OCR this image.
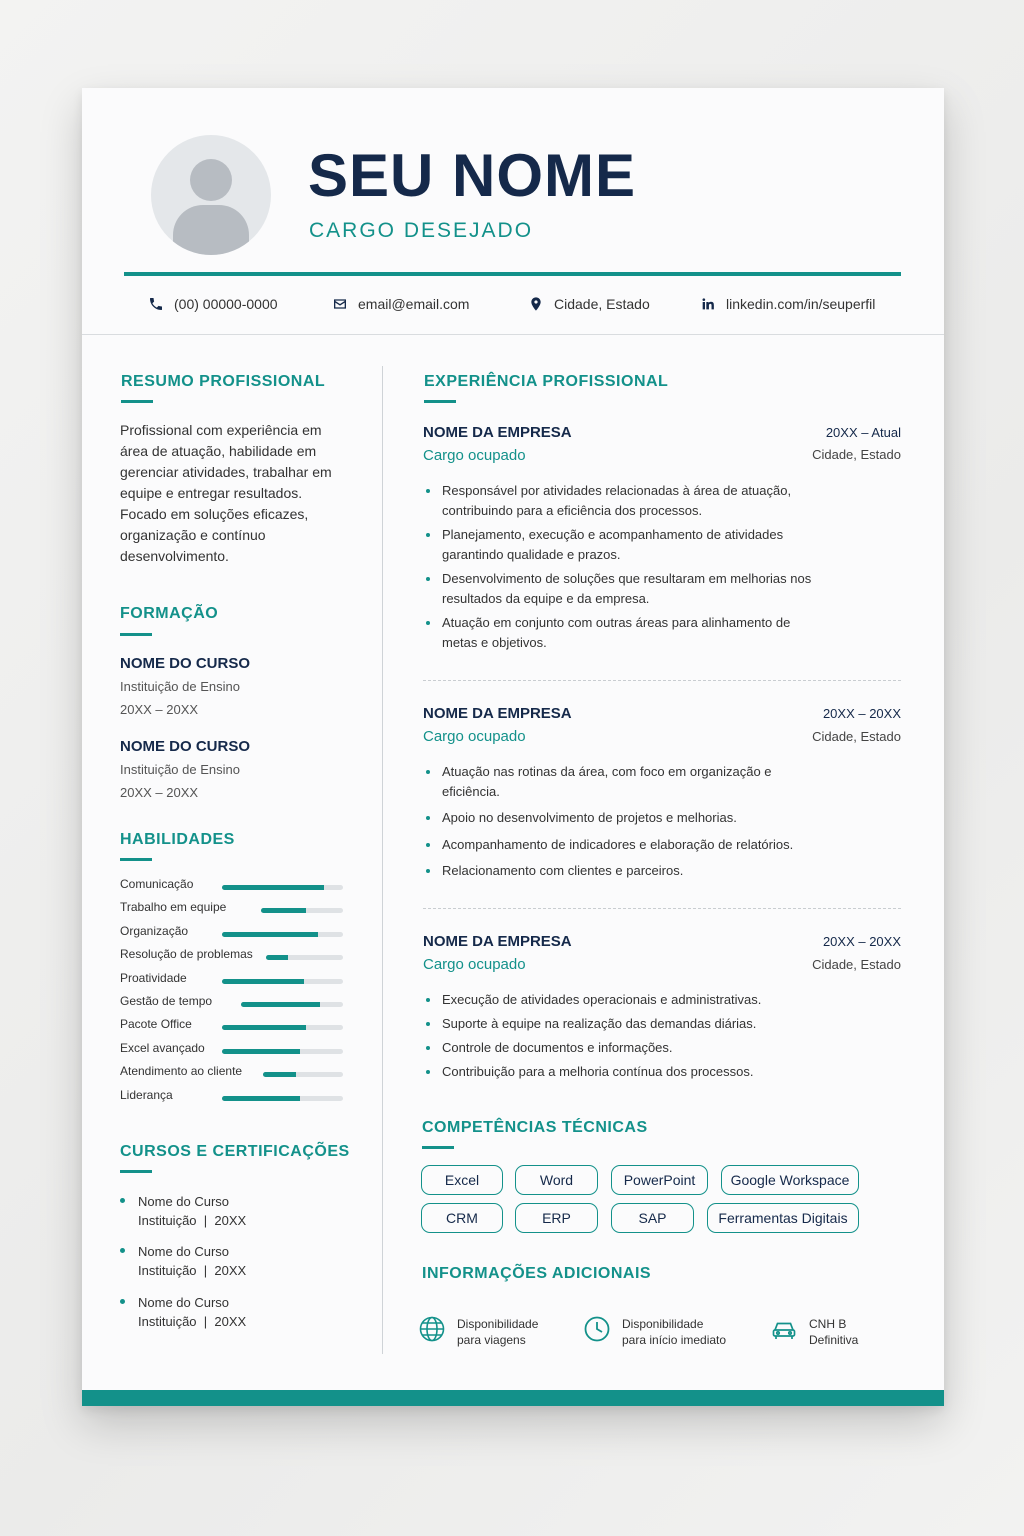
SEU NOME
CARGO DESEJADO
(00) 00000-0000	email@email.com	Cidade, Estado	linkedin.com/in/seuperfil
RESUMO PROFISSIONAL

Profissional com experiência em área de atuação, habilidade em gerenciar atividades, trabalhar em equipe e entregar resultados. Focado em soluções eficazes, organização e contínuo desenvolvimento.

FORMAÇÃO
NOME DO CURSO
Instituição de Ensino
20XX – 20XX
NOME DO CURSO
Instituição de Ensino
20XX – 20XX
HABILIDADES
Comunicação
Trabalho em equipe
Organização
Resolução de problemas
Proatividade
Gestão de tempo
Pacote Office
Excel avançado
Atendimento ao cliente
Liderança
CURSOS E CERTIFICAÇÕES
Nome do Curso
Instituição  |  20XX
Nome do Curso
Instituição  |  20XX
Nome do Curso
Instituição  |  20XX
EXPERIÊNCIA PROFISSIONAL
NOME DA EMPRESA
Cargo ocupado
20XX – Atual
Cidade, Estado
Responsável por atividades relacionadas à área de atuação, contribuindo para a eficiência dos processos.
Planejamento, execução e acompanhamento de atividades garantindo qualidade e prazos.
Desenvolvimento de soluções que resultaram em melhorias nos resultados da equipe e da empresa.
Atuação em conjunto com outras áreas para alinhamento de metas e objetivos.
NOME DA EMPRESA
Cargo ocupado
20XX – 20XX
Cidade, Estado
Atuação nas rotinas da área, com foco em organização e eficiência.
Apoio no desenvolvimento de projetos e melhorias.
Acompanhamento de indicadores e elaboração de relatórios.
Relacionamento com clientes e parceiros.
NOME DA EMPRESA
Cargo ocupado
20XX – 20XX
Cidade, Estado
Execução de atividades operacionais e administrativas.
Suporte à equipe na realização das demandas diárias.
Controle de documentos e informações.
Contribuição para a melhoria contínua dos processos.
COMPETÊNCIAS TÉCNICAS
Excel	Word	PowerPoint	Google Workspace
CRM	ERP	SAP	Ferramentas Digitais
INFORMAÇÕES ADICIONAIS
Disponibilidade
para viagens
Disponibilidade
para início imediato
CNH B
Definitiva
